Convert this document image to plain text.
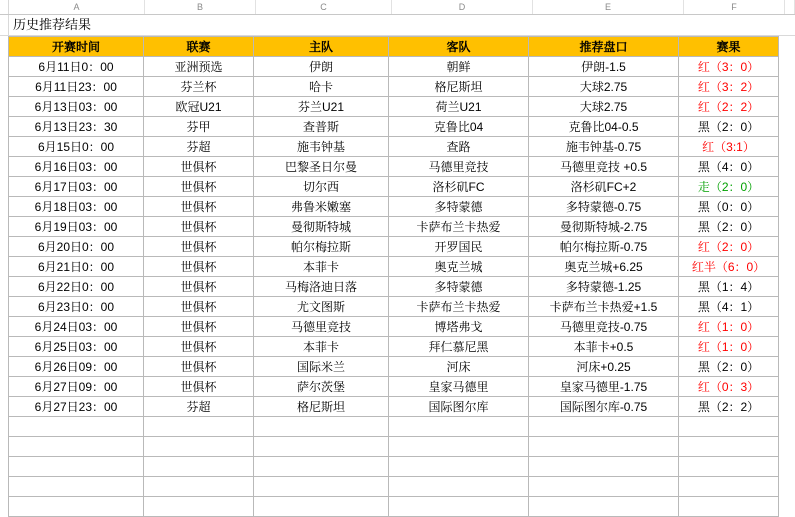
A	B	C	D	E	F
历史推荐结果
开赛时间	联赛	主队	客队	推荐盘口	赛果
6月11日0：00	亚洲预选	伊朗	朝鲜	伊朗-1.5	红（3：0）
6月11日23：00	芬兰杯	哈卡	格尼斯坦	大球2.75	红（3：2）
6月13日03：00	欧冠U21	芬兰U21	荷兰U21	大球2.75	红（2：2）
6月13日23：30	芬甲	查普斯	克鲁比04	克鲁比04-0.5	黑（2：0）
6月15日0：00	芬超	施韦钟基	查路	施韦钟基-0.75	红（3:1）
6月16日03：00	世俱杯	巴黎圣日尔曼	马德里竞技	马德里竞技 +0.5	黑（4：0）
6月17日03：00	世俱杯	切尔西	洛杉矶FC	洛杉矶FC+2	走（2：0）
6月18日03：00	世俱杯	弗鲁米嫩塞	多特蒙德	多特蒙德-0.75	黑（0：0）
6月19日03：00	世俱杯	曼彻斯特城	卡萨布兰卡热爱	曼彻斯特城-2.75	黑（2：0）
6月20日0：00	世俱杯	帕尔梅拉斯	开罗国民	帕尔梅拉斯-0.75	红（2：0）
6月21日0：00	世俱杯	本菲卡	奥克兰城	奥克兰城+6.25	红半（6：0）
6月22日0：00	世俱杯	马梅洛迪日落	多特蒙德	多特蒙德-1.25	黑（1：4）
6月23日0：00	世俱杯	尤文图斯	卡萨布兰卡热爱	卡萨布兰卡热爱+1.5	黑（4：1）
6月24日03：00	世俱杯	马德里竞技	博塔弗戈	马德里竞技-0.75	红（1：0）
6月25日03：00	世俱杯	本菲卡	拜仁慕尼黑	本菲卡+0.5	红（1：0）
6月26日09：00	世俱杯	国际米兰	河床	河床+0.25	黑（2：0）
6月27日09：00	世俱杯	萨尔茨堡	皇家马德里	皇家马德里-1.75	红（0：3）
6月27日23：00	芬超	格尼斯坦	国际图尔库	国际图尔库-0.75	黑（2：2）
